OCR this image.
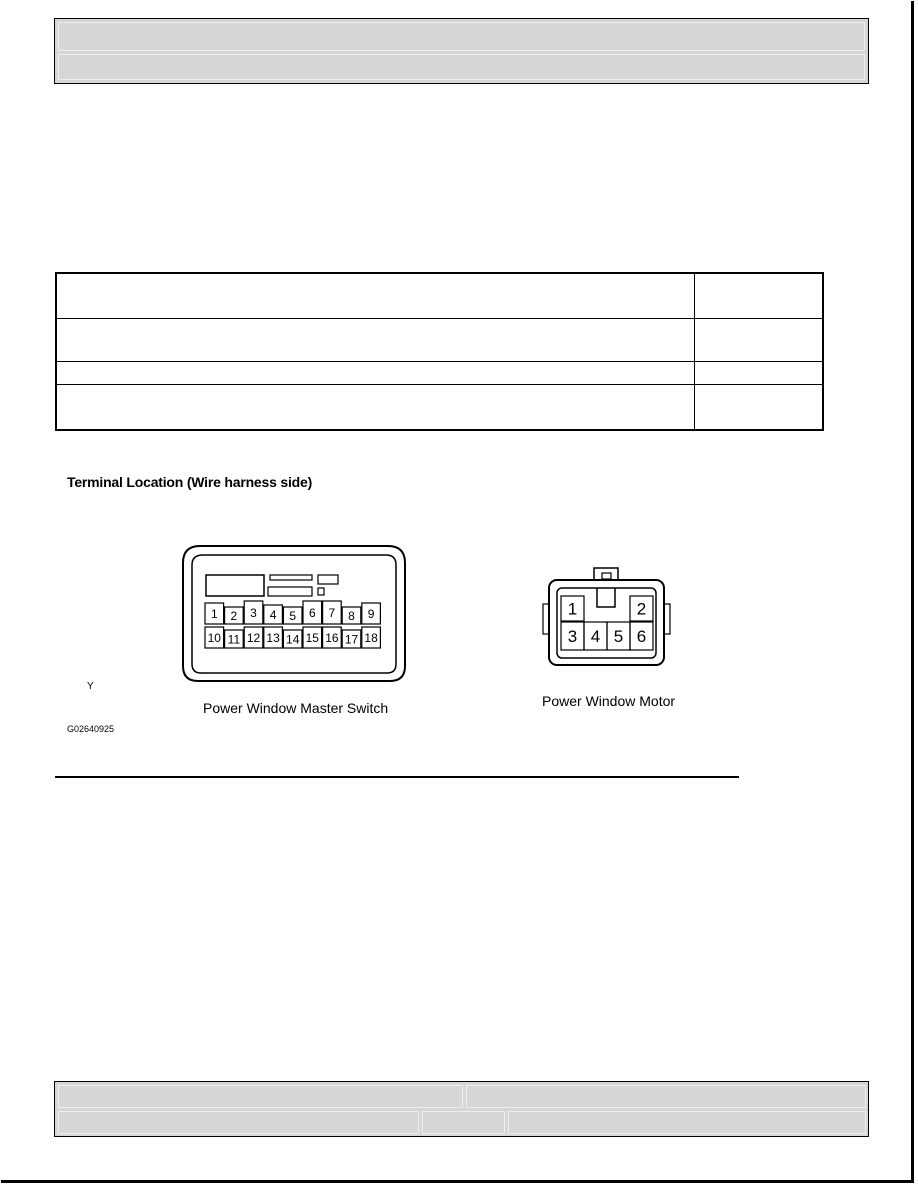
Terminal Location (Wire harness side)
1 2 3 4 5 6 7 8 9
10 11 12 13 14 15 16 17 18
1	2
3 4 5 6
Power Window Master Switch	Power Window Motor
Y
G02640925
